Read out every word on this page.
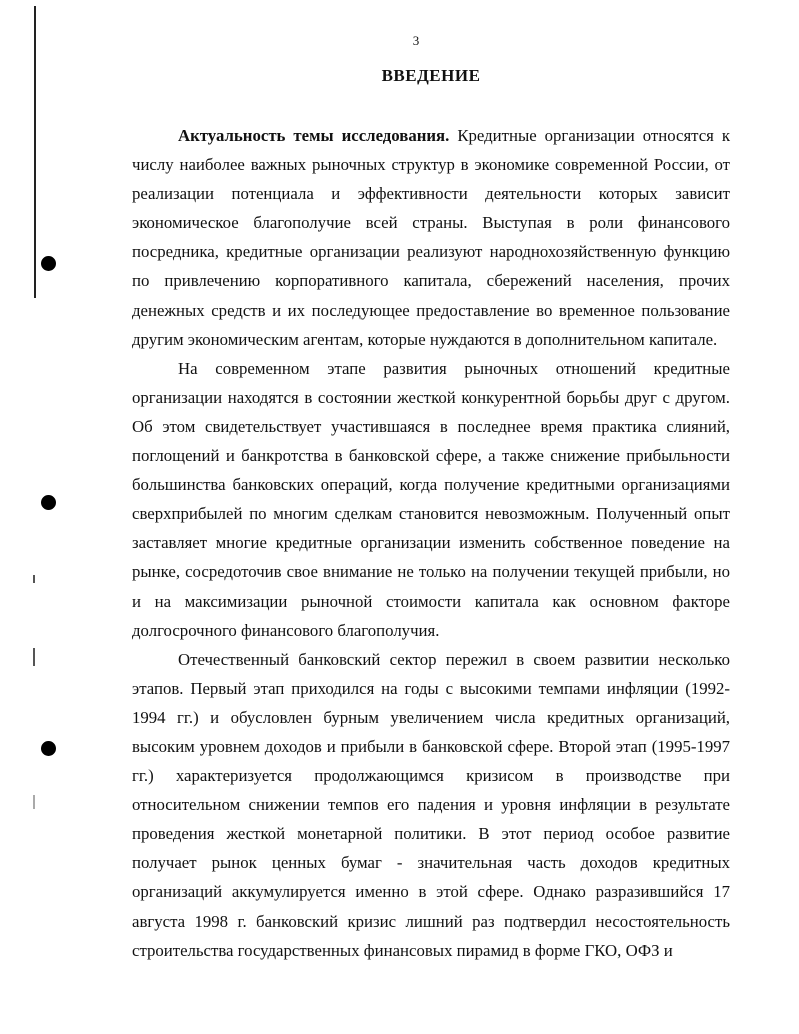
3
ВВЕДЕНИЕ

Актуальность темы исследования. Кредитные организации относятся к числу наиболее важных рыночных структур в экономике современной России, от реализации потенциала и эффективности деятельности которых зависит экономическое благополучие всей страны. Выступая в роли финансового посредника, кредитные организации реализуют народнохозяйственную функцию по привлечению корпоративного капитала, сбережений населения, прочих денежных средств и их последующее предоставление во временное пользование другим экономическим агентам, которые нуждаются в дополнительном капитале.

На современном этапе развития рыночных отношений кредитные организации находятся в состоянии жесткой конкурентной борьбы друг с другом. Об этом свидетельствует участившаяся в последнее время практика слияний, поглощений и банкротства в банковской сфере, а также снижение прибыльности большинства банковских операций, когда получение кредитными организациями сверхприбылей по многим сделкам становится невозможным. Полученный опыт заставляет многие кредитные организации изменить собственное поведение на рынке, сосредоточив свое внимание не только на получении текущей прибыли, но и на максимизации рыночной стоимости капитала как основном факторе долгосрочного финансового благополучия.

Отечественный банковский сектор пережил в своем развитии несколько этапов. Первый этап приходился на годы с высокими темпами инфляции (1992-1994 гг.) и обусловлен бурным увеличением числа кредитных организаций, высоким уровнем доходов и прибыли в банковской сфере. Второй этап (1995-1997 гг.) характеризуется продолжающимся кризисом в производстве при относительном снижении темпов его падения и уровня инфляции в результате проведения жесткой монетарной политики. В этот период особое развитие получает рынок ценных бумаг - значительная часть доходов кредитных организаций аккумулируется именно в этой сфере. Однако разразившийся 17 августа 1998 г. банковский кризис лишний раз подтвердил несостоятельность строительства государственных финансовых пирамид в форме ГКО, ОФЗ и
